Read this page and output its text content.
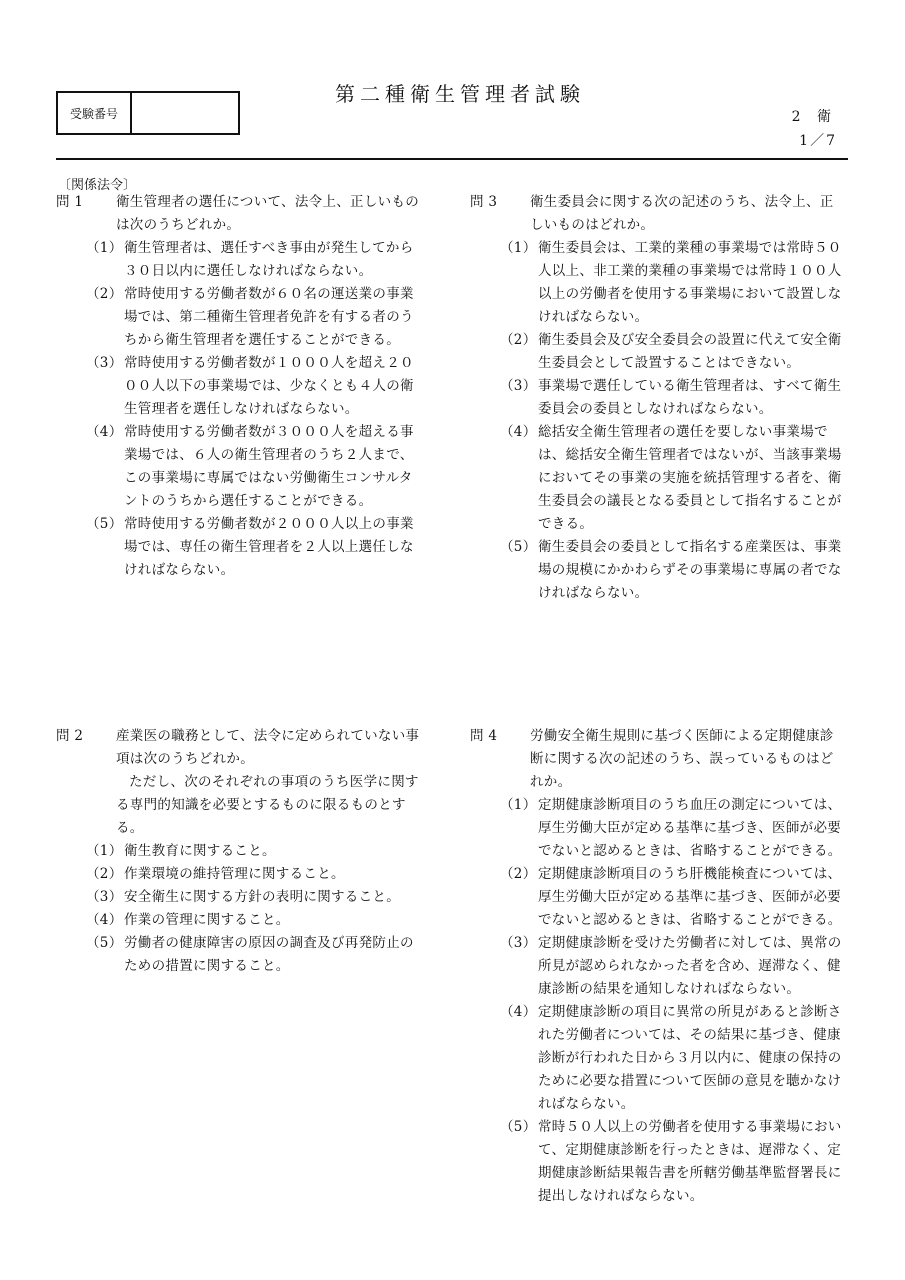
受験番号
第二種衛生管理者試験
2 衛
1／7
〔関係法令〕
問 1	衛生管理者の選任について、法令上、正しいものは次のうちどれか。
（1） 衛生管理者は、選任すべき事由が発生してから３０日以内に選任しなければならない。
（2） 常時使用する労働者数が６０名の運送業の事業場では、第二種衛生管理者免許を有する者のうちから衛生管理者を選任することができる。
（3） 常時使用する労働者数が１０００人を超え２０００人以下の事業場では、少なくとも４人の衛生管理者を選任しなければならない。
（4） 常時使用する労働者数が３０００人を超える事業場では、６人の衛生管理者のうち２人まで、この事業場に専属ではない労働衛生コンサルタントのうちから選任することができる。
（5） 常時使用する労働者数が２０００人以上の事業場では、専任の衛生管理者を２人以上選任しなければならない。
問 2	産業医の職務として、法令に定められていない事項は次のうちどれか。
ただし、次のそれぞれの事項のうち医学に関する専門的知識を必要とするものに限るものとする。
（1） 衛生教育に関すること。
（2） 作業環境の維持管理に関すること。
（3） 安全衛生に関する方針の表明に関すること。
（4） 作業の管理に関すること。
（5） 労働者の健康障害の原因の調査及び再発防止のための措置に関すること。
問 3	衛生委員会に関する次の記述のうち、法令上、正しいものはどれか。
（1） 衛生委員会は、工業的業種の事業場では常時５０人以上、非工業的業種の事業場では常時１００人以上の労働者を使用する事業場において設置しなければならない。
（2） 衛生委員会及び安全委員会の設置に代えて安全衛生委員会として設置することはできない。
（3） 事業場で選任している衛生管理者は、すべて衛生委員会の委員としなければならない。
（4） 総括安全衛生管理者の選任を要しない事業場では、総括安全衛生管理者ではないが、当該事業場においてその事業の実施を統括管理する者を、衛生委員会の議長となる委員として指名することができる。
（5） 衛生委員会の委員として指名する産業医は、事業場の規模にかかわらずその事業場に専属の者でなければならない。
問 4	労働安全衛生規則に基づく医師による定期健康診断に関する次の記述のうち、誤っているものはどれか。
（1） 定期健康診断項目のうち血圧の測定については、厚生労働大臣が定める基準に基づき、医師が必要でないと認めるときは、省略することができる。
（2） 定期健康診断項目のうち肝機能検査については、厚生労働大臣が定める基準に基づき、医師が必要でないと認めるときは、省略することができる。
（3） 定期健康診断を受けた労働者に対しては、異常の所見が認められなかった者を含め、遅滞なく、健康診断の結果を通知しなければならない。
（4） 定期健康診断の項目に異常の所見があると診断された労働者については、その結果に基づき、健康診断が行われた日から３月以内に、健康の保持のために必要な措置について医師の意見を聴かなければならない。
（5） 常時５０人以上の労働者を使用する事業場において、定期健康診断を行ったときは、遅滞なく、定期健康診断結果報告書を所轄労働基準監督署長に提出しなければならない。
